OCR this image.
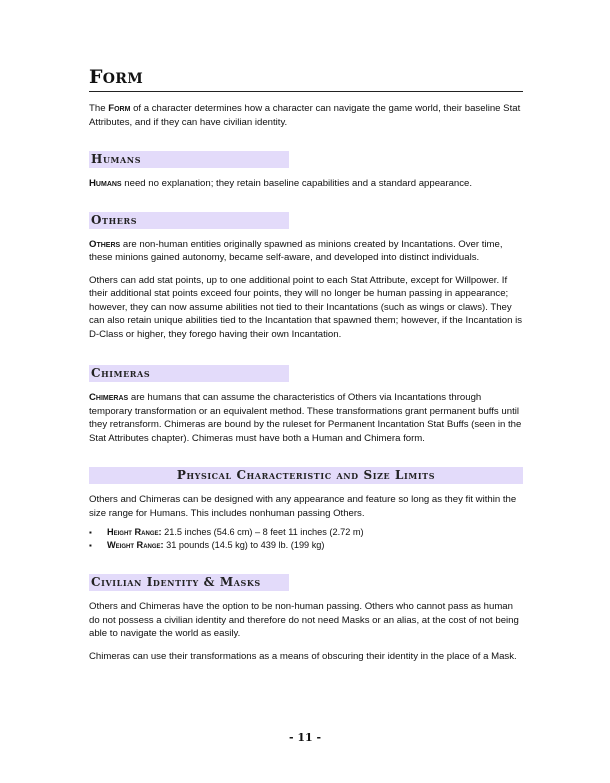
FORM

The Form of a character determines how a character can navigate the game world, their baseline Stat Attributes, and if they can have civilian identity.

Humans

Humans need no explanation; they retain baseline capabilities and a standard appearance.

Others

Others are non-human entities originally spawned as minions created by Incantations. Over time, these minions gained autonomy, became self-aware, and developed into distinct individuals.

Others can add stat points, up to one additional point to each Stat Attribute, except for Willpower. If their additional stat points exceed four points, they will no longer be human passing in appearance; however, they can now assume abilities not tied to their Incantations (such as wings or claws). They can also retain unique abilities tied to the Incantation that spawned them; however, if the Incantation is D-Class or higher, they forego having their own Incantation.

Chimeras

Chimeras are humans that can assume the characteristics of Others via Incantations through temporary transformation or an equivalent method. These transformations grant permanent buffs until they retransform. Chimeras are bound by the ruleset for Permanent Incantation Stat Buffs (seen in the Stat Attributes chapter). Chimeras must have both a Human and Chimera form.

Physical Characteristic and Size Limits

Others and Chimeras can be designed with any appearance and feature so long as they fit within the size range for Humans. This includes nonhuman passing Others.

▪ Height Range: 21.5 inches (54.6 cm) – 8 feet 11 inches (2.72 m)
▪ Weight Range: 31 pounds (14.5 kg) to 439 lb. (199 kg)
Civilian Identity & Masks

Others and Chimeras have the option to be non-human passing. Others who cannot pass as human do not possess a civilian identity and therefore do not need Masks or an alias, at the cost of not being able to navigate the world as easily.

Chimeras can use their transformations as a means of obscuring their identity in the place of a Mask.

- 11 -
